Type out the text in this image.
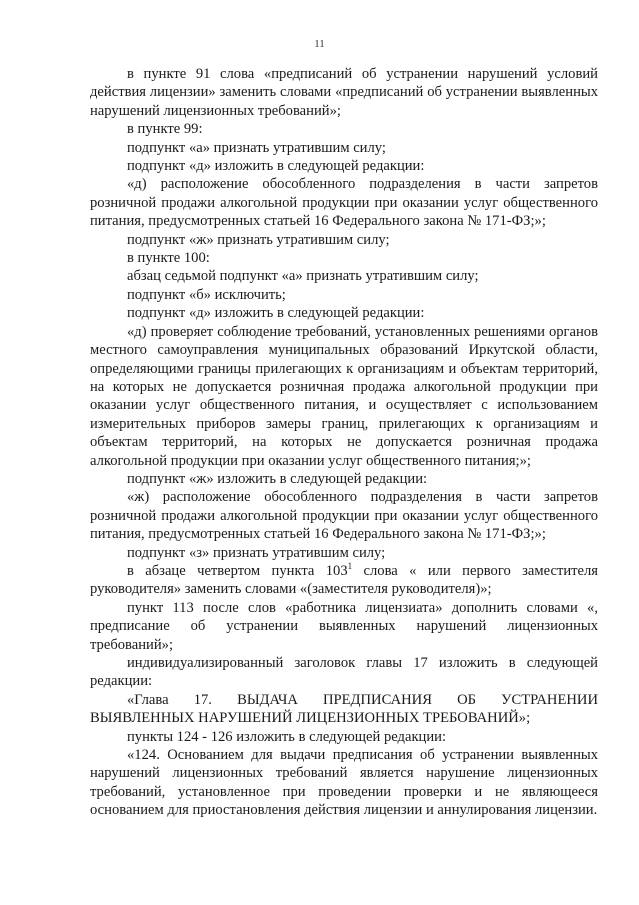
11

в пункте 91 слова «предписаний об устранении нарушений условий действия лицензии» заменить словами «предписаний об устранении выявленных нарушений лицензионных требований»;

в пункте 99:

подпункт «а» признать утратившим силу;

подпункт «д» изложить в следующей редакции:

«д) расположение обособленного подразделения в части запретов розничной продажи алкогольной продукции при оказании услуг общественного питания, предусмотренных статьей 16 Федерального закона № 171-ФЗ;»;

подпункт «ж» признать утратившим силу;

в пункте 100:

абзац седьмой подпункт «а» признать утратившим силу;

подпункт «б» исключить;

подпункт «д» изложить в следующей редакции:

«д) проверяет соблюдение требований, установленных решениями органов местного самоуправления муниципальных образований Иркутской области, определяющими границы прилегающих к организациям и объектам территорий, на которых не допускается розничная продажа алкогольной продукции при оказании услуг общественного питания, и осуществляет с использованием измерительных приборов замеры границ, прилегающих к организациям и объектам территорий, на которых не допускается розничная продажа алкогольной продукции при оказании услуг общественного питания;»;

подпункт «ж» изложить в следующей редакции:

«ж) расположение обособленного подразделения в части запретов розничной продажи алкогольной продукции при оказании услуг общественного питания, предусмотренных статьей 16 Федерального закона № 171-ФЗ;»;

подпункт «з» признать утратившим силу;

в абзаце четвертом пункта $103^1$ слова « или первого заместителя руководителя» заменить словами «(заместителя руководителя)»;

пункт 113 после слов «работника лицензиата» дополнить словами «, предписание об устранении выявленных нарушений лицензионных требований»;

индивидуализированный заголовок главы 17 изложить в следующей редакции:

«Глава 17. ВЫДАЧА ПРЕДПИСАНИЯ ОБ УСТРАНЕНИИ ВЫЯВЛЕННЫХ НАРУШЕНИЙ ЛИЦЕНЗИОННЫХ ТРЕБОВАНИЙ»;

пункты 124 - 126 изложить в следующей редакции:

«124. Основанием для выдачи предписания об устранении выявленных нарушений лицензионных требований является нарушение лицензионных требований, установленное при проведении проверки и не являющееся основанием для приостановления действия лицензии и аннулирования лицензии.
